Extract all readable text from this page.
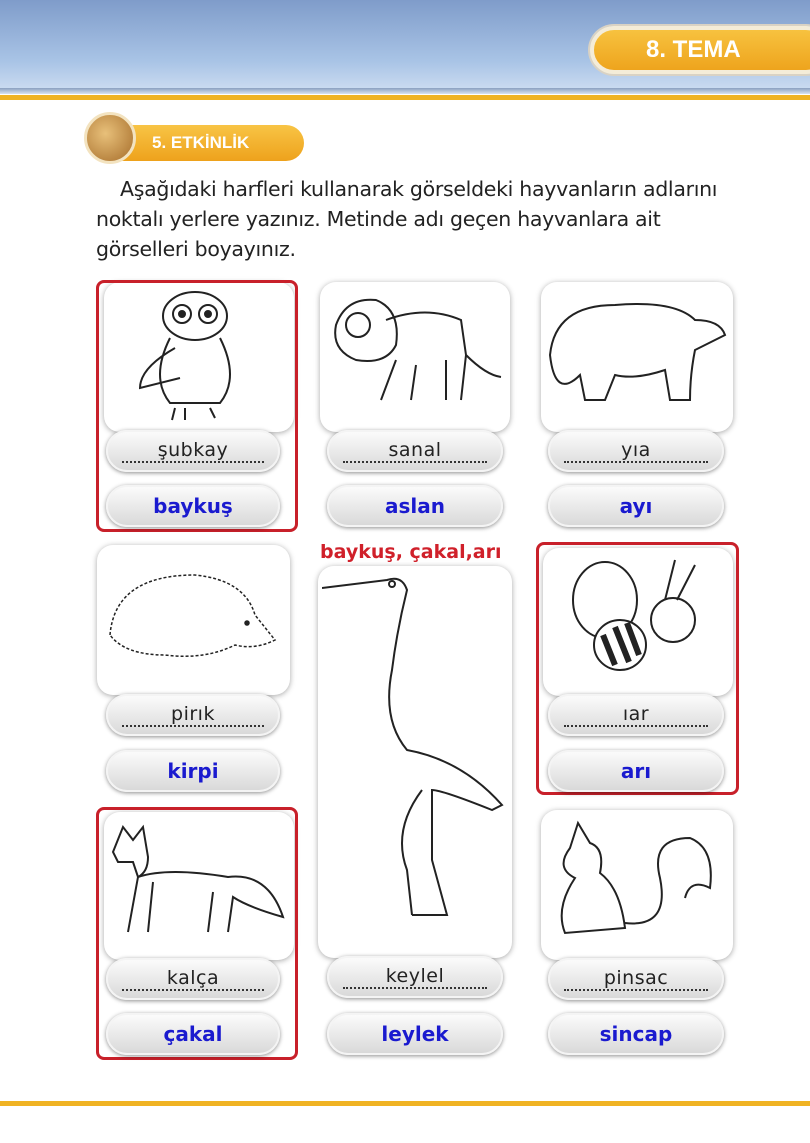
8. TEMA
5. ETKİNLİK

Aşağıdaki harfleri kullanarak görseldeki hayvanların adlarını noktalı yerlere yazınız. Metinde adı geçen hayvanlara ait görselleri boyayınız.

baykuş, çakal,arı
şubkay	sanal	yıa
pirık	ıar
kalça	keylel	pinsac
baykuş	aslan	ayı
kirpi	arı
çakal	leylek	sincap
